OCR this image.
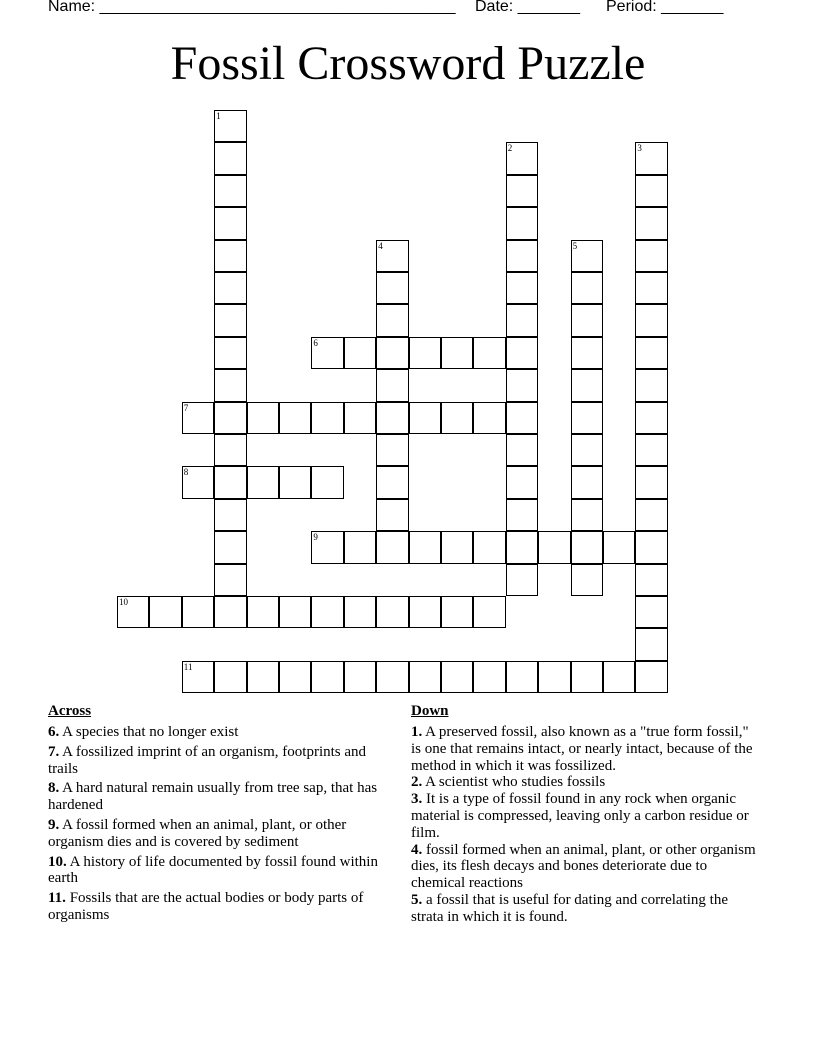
Name: ________________________________________

Date: _______

Period: _______

Fossil Crossword Puzzle
1
2	3
4	5
6
7
8
9
10
11
Across
6. A species that no longer exist
7. A fossilized imprint of an organism, footprints and trails
8. A hard natural remain usually from tree sap, that has hardened
9. A fossil formed when an animal, plant, or other organism dies and is covered by sediment
10. A history of life documented by fossil found within earth
11. Fossils that are the actual bodies or body parts of organisms
Down
1. A preserved fossil, also known as a "true form fossil," is one that remains intact, or nearly intact, because of the method in which it was fossilized.
2. A scientist who studies fossils
3. It is a type of fossil found in any rock when organic material is compressed, leaving only a carbon residue or film.
4. fossil formed when an animal, plant, or other organism dies, its flesh decays and bones deteriorate due to chemical reactions
5. a fossil that is useful for dating and correlating the strata in which it is found.
